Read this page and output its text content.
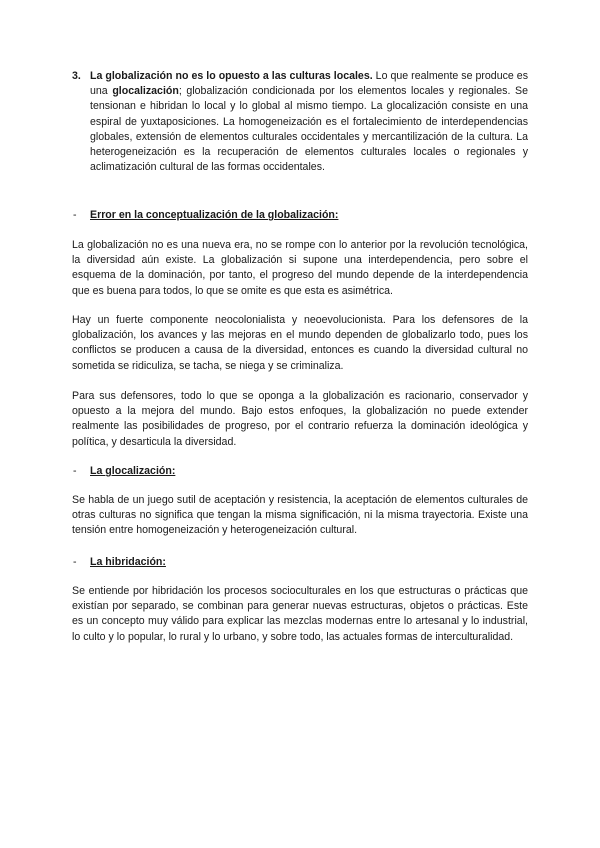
3. La globalización no es lo opuesto a las culturas locales. Lo que realmente se produce es una glocalización; globalización condicionada por los elementos locales y regionales. Se tensionan e hibridan lo local y lo global al mismo tiempo. La glocalización consiste en una espiral de yuxtaposiciones. La homogeneización es el fortalecimiento de interdependencias globales, extensión de elementos culturales occidentales y mercantilización de la cultura. La heterogeneización es la recuperación de elementos culturales locales o regionales y aclimatización cultural de las formas occidentales.

- Error en la conceptualización de la globalización:

La globalización no es una nueva era, no se rompe con lo anterior por la revolución tecnológica, la diversidad aún existe. La globalización si supone una interdependencia, pero sobre el esquema de la dominación, por tanto, el progreso del mundo depende de la interdependencia que es buena para todos, lo que se omite es que esta es asimétrica.

Hay un fuerte componente neocolonialista y neoevolucionista. Para los defensores de la globalización, los avances y las mejoras en el mundo dependen de globalizarlo todo, pues los conflictos se producen a causa de la diversidad, entonces es cuando la diversidad cultural no sometida se ridiculiza, se tacha, se niega y se criminaliza.

Para sus defensores, todo lo que se oponga a la globalización es racionario, conservador y opuesto a la mejora del mundo. Bajo estos enfoques, la globalización no puede extender realmente las posibilidades de progreso, por el contrario refuerza la dominación ideológica y política, y desarticula la diversidad.

- La glocalización:

Se habla de un juego sutil de aceptación y resistencia, la aceptación de elementos culturales de otras culturas no significa que tengan la misma significación, ni la misma trayectoria. Existe una tensión entre homogeneización y heterogeneización cultural.

- La hibridación:

Se entiende por hibridación los procesos socioculturales en los que estructuras o prácticas que existían por separado, se combinan para generar nuevas estructuras, objetos o prácticas. Este es un concepto muy válido para explicar las mezclas modernas entre lo artesanal y lo industrial, lo culto y lo popular, lo rural y lo urbano, y sobre todo, las actuales formas de interculturalidad.
